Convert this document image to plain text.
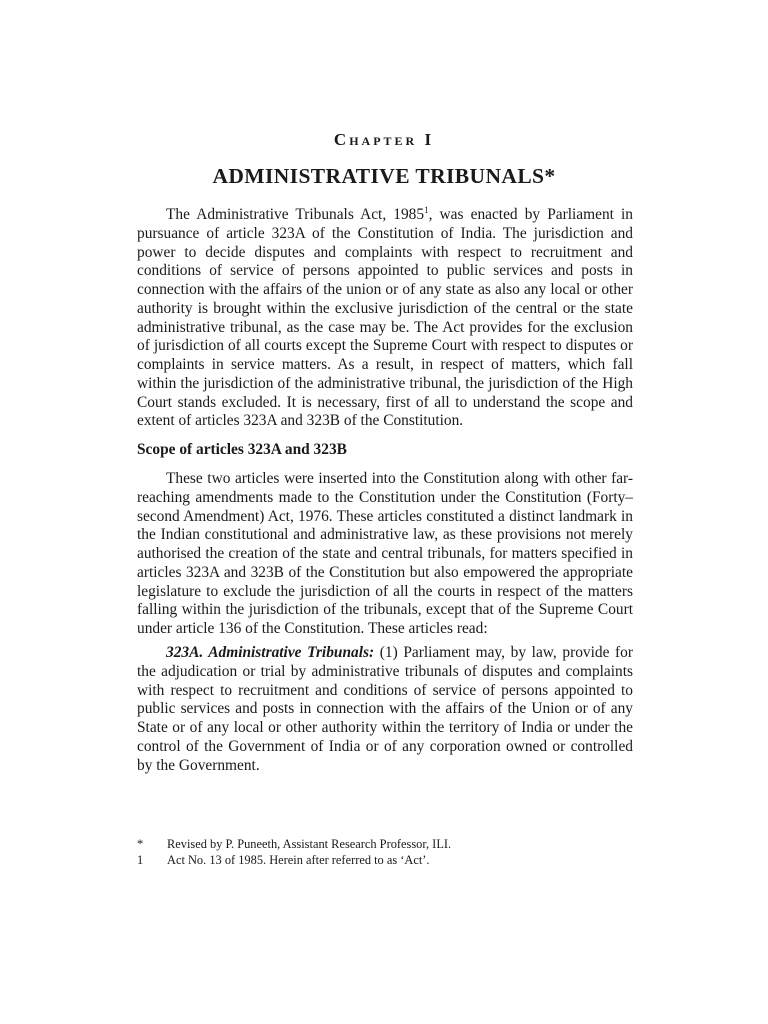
Chapter I
ADMINISTRATIVE TRIBUNALS*

The Administrative Tribunals Act, 1985$^1$, was enacted by Parliament in pursuance of article 323A of the Constitution of India. The jurisdiction and power to decide disputes and complaints with respect to recruitment and conditions of service of persons appointed to public services and posts in connection with the affairs of the union or of any state as also any local or other authority is brought within the exclusive jurisdiction of the central or the state administrative tribunal, as the case may be. The Act provides for the exclusion of jurisdiction of all courts except the Supreme Court with respect to disputes or complaints in service matters. As a result, in respect of matters, which fall within the jurisdiction of the administrative tribunal, the jurisdiction of the High Court stands excluded. It is necessary, first of all to understand the scope and extent of articles 323A and 323B of the Constitution.

Scope of articles 323A and 323B

These two articles were inserted into the Constitution along with other far-reaching amendments made to the Constitution under the Constitution (Forty–second Amendment) Act, 1976. These articles constituted a distinct landmark in the Indian constitutional and administrative law, as these provisions not merely authorised the creation of the state and central tribunals, for matters specified in articles 323A and 323B of the Constitution but also empowered the appropriate legislature to exclude the jurisdiction of all the courts in respect of the matters falling within the jurisdiction of the tribunals, except that of the Supreme Court under article 136 of the Constitution. These articles read:

323A. Administrative Tribunals: (1) Parliament may, by law, provide for the adjudication or trial by administrative tribunals of disputes and complaints with respect to recruitment and conditions of service of persons appointed to public services and posts in connection with the affairs of the Union or of any State or of any local or other authority within the territory of India or under the control of the Government of India or of any corporation owned or controlled by the Government.

*	Revised by P. Puneeth, Assistant Research Professor, ILI.
1	Act No. 13 of 1985. Herein after referred to as ‘Act’.
